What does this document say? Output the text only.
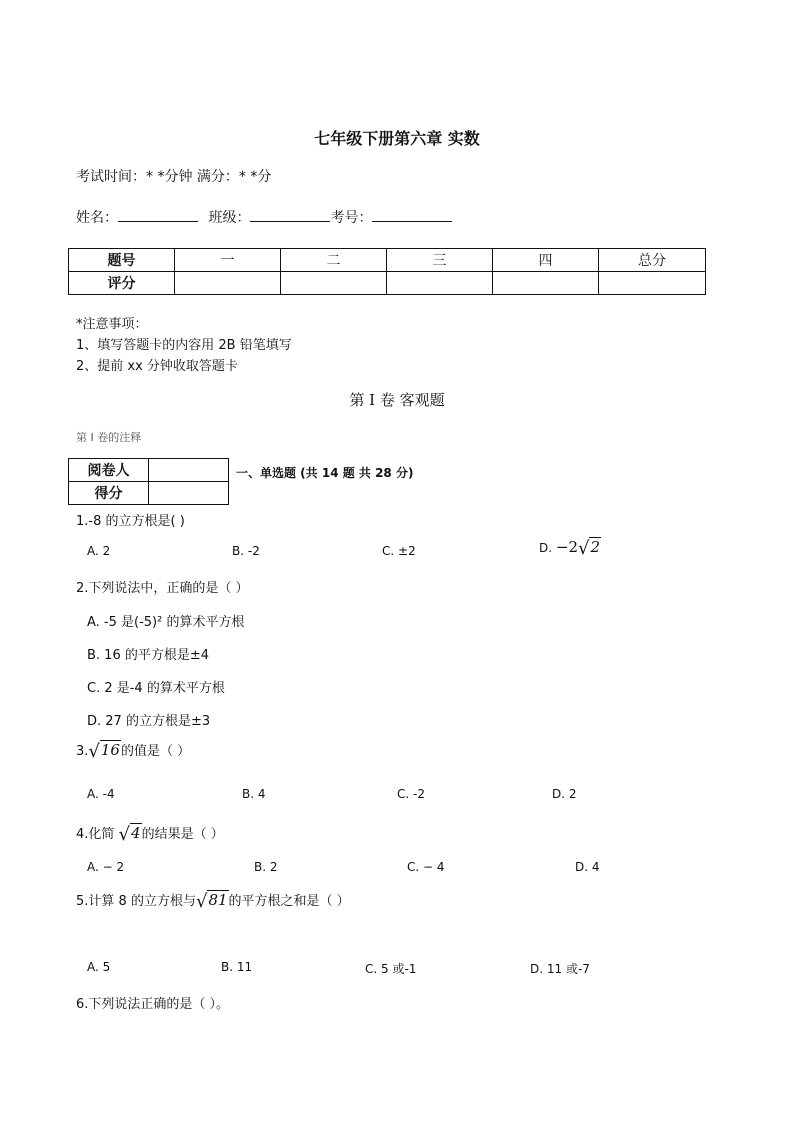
七年级下册第六章 实数
考试时间：* *分钟 满分：* *分
姓名：	班级：	考号：
题号	一	二	三	四	总分
评分					
*注意事项：
1、填写答题卡的内容用 2B 铅笔填写
2、提前 xx 分钟收取答题卡
第 I 卷 客观题
第 I 卷的注释
阅卷人	
得分	
一、单选题 (共 14 题 共 28 分)
1.-8 的立方根是( )
A. 2	B. -2	C. ±2	D. −2√2
2.下列说法中，正确的是（ ）
A. -5 是(-5)² 的算术平方根
B. 16 的平方根是±4
C. 2 是-4 的算术平方根
D. 27 的立方根是±3
3.√16的值是（ ）
A. -4	B. 4	C. -2	D. 2
4.化简 √4的结果是（ ）
A. − 2	B. 2	C. − 4	D. 4
5.计算 8 的立方根与√81的平方根之和是（ ）
A. 5	B. 11	C. 5 或-1	D. 11 或-7
6.下列说法正确的是（ ）。
